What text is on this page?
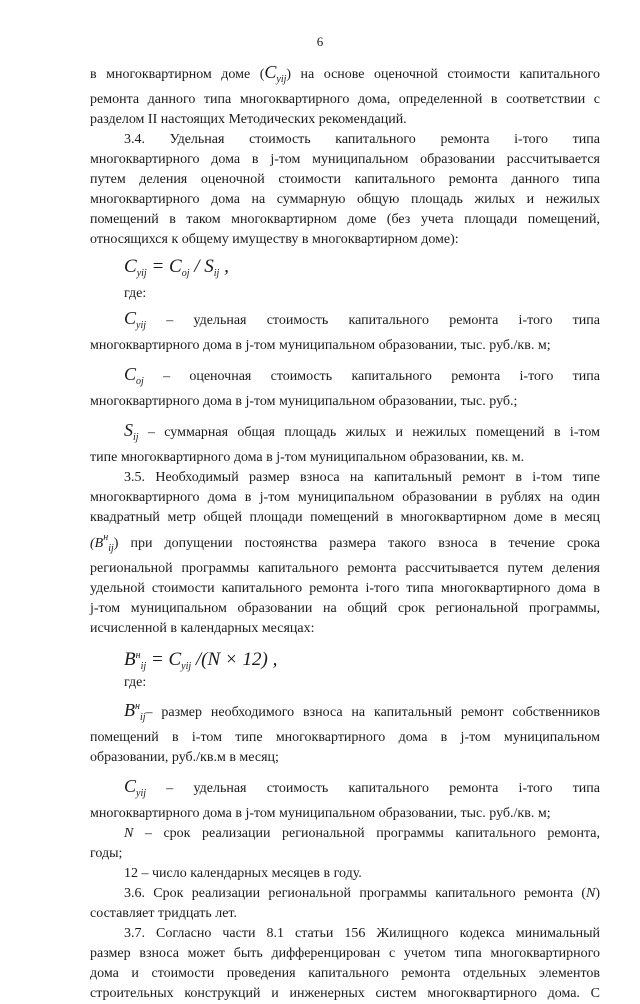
6

в многоквартирном доме $(C_{уij})$ на основе оценочной стоимости капитального

ремонта данного типа многоквартирного дома, определенной в соответствии с

разделом II настоящих Методических рекомендаций.

3.4. Удельная стоимость капитального ремонта i-того типа

многоквартирного дома в j-том муниципальном образовании рассчитывается

путем деления оценочной стоимости капитального ремонта данного типа

многоквартирного дома на суммарную общую площадь жилых и нежилых

помещений в таком многоквартирном доме (без учета площади помещений,

относящихся к общему имуществу в многоквартирном доме):

$C_{уij} = C_{оj} / S_{ij}$ ,

где:

$C_{уij}$ – удельная стоимость капитального ремонта i-того типа

многоквартирного дома в j-том муниципальном образовании, тыс. руб./кв. м;

$C_{оj}$ – оценочная стоимость капитального ремонта i-того типа

многоквартирного дома в j-том муниципальном образовании, тыс. руб.;

$S_{ij}$ – суммарная общая площадь жилых и нежилых помещений в i-том

типе многоквартирного дома в j-том муниципальном образовании, кв. м.

3.5. Необходимый размер взноса на капитальный ремонт в i-том типе

многоквартирного дома в j-том муниципальном образовании в рублях на один

квадратный метр общей площади помещений в многоквартирном доме в месяц

$(B^н_{ij})$ при допущении постоянства размера такого взноса в течение срока

региональной программы капитального ремонта рассчитывается путем деления

удельной стоимости капитального ремонта i-того типа многоквартирного дома в

j-том муниципальном образовании на общий срок региональной программы,

исчисленной в календарных месяцах:

$B^н_{ij} = C_{уij}$ /(N × 12) ,

где:

$B^н_{ij}-$ размер необходимого взноса на капитальный ремонт собственников

помещений в i-том типе многоквартирного дома в j-том муниципальном

образовании, руб./кв.м в месяц;

$C_{уij}$ – удельная стоимость капитального ремонта i-того типа

многоквартирного дома в j-том муниципальном образовании, тыс. руб./кв. м;

N – срок реализации региональной программы капитального ремонта,

годы;

12 – число календарных месяцев в году.

3.6. Срок реализации региональной программы капитального ремонта (N)

составляет тридцать лет.

3.7. Согласно части 8.1 статьи 156 Жилищного кодекса минимальный

размер взноса может быть дифференцирован с учетом типа многоквартирного

дома и стоимости проведения капитального ремонта отдельных элементов

строительных конструкций и инженерных систем многоквартирного дома. С
